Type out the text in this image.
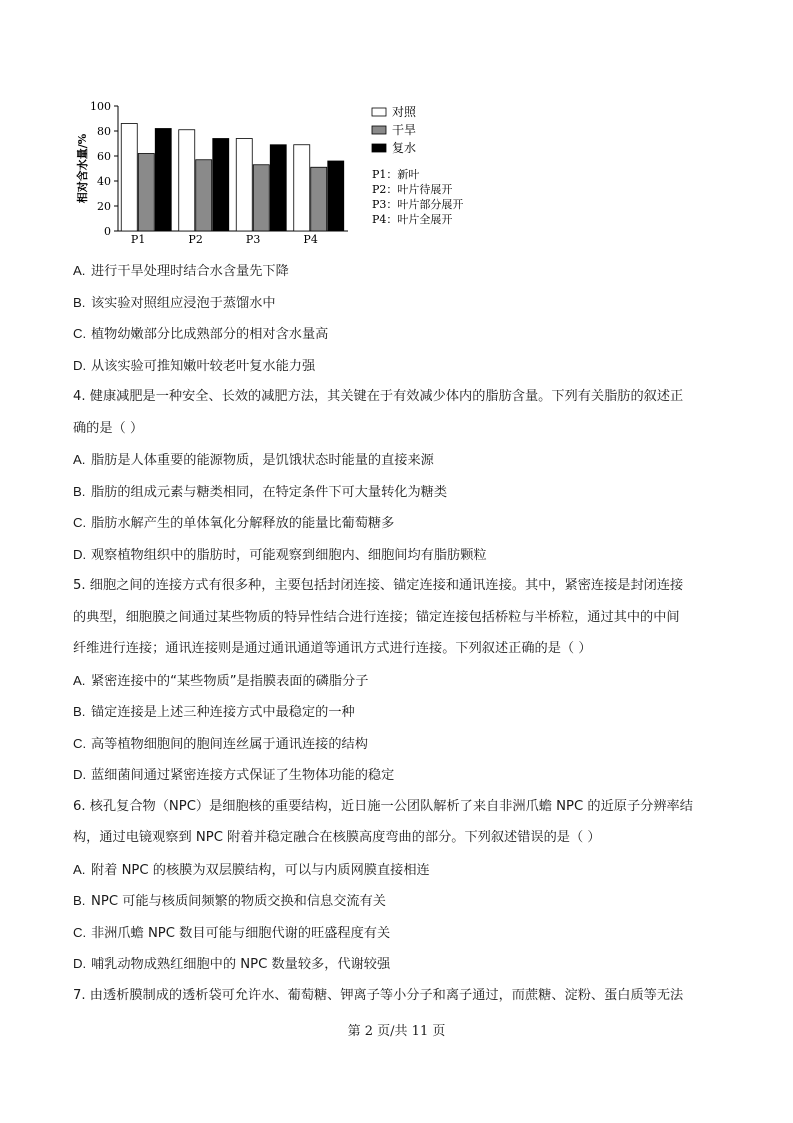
0
20
40
60
80
100
相对含水量/%
P1	P2	P3	P4
对照
干旱
复水
P1：新叶
P2：叶片待展开
P3：叶片部分展开
P4：叶片全展开
A. 进行干旱处理时结合水含量先下降
B. 该实验对照组应浸泡于蒸馏水中
C. 植物幼嫩部分比成熟部分的相对含水量高
D. 从该实验可推知嫩叶较老叶复水能力强
4. 健康减肥是一种安全、长效的减肥方法，其关键在于有效减少体内的脂肪含量。下列有关脂肪的叙述正
确的是（ ）
A. 脂肪是人体重要的能源物质，是饥饿状态时能量的直接来源
B. 脂肪的组成元素与糖类相同，在特定条件下可大量转化为糖类
C. 脂肪水解产生的单体氧化分解释放的能量比葡萄糖多
D. 观察植物组织中的脂肪时，可能观察到细胞内、细胞间均有脂肪颗粒
5. 细胞之间的连接方式有很多种，主要包括封闭连接、锚定连接和通讯连接。其中，紧密连接是封闭连接
的典型，细胞膜之间通过某些物质的特异性结合进行连接；锚定连接包括桥粒与半桥粒，通过其中的中间
纤维进行连接；通讯连接则是通过通讯通道等通讯方式进行连接。下列叙述正确的是（ ）
A. 紧密连接中的“某些物质”是指膜表面的磷脂分子
B. 锚定连接是上述三种连接方式中最稳定的一种
C. 高等植物细胞间的胞间连丝属于通讯连接的结构
D. 蓝细菌间通过紧密连接方式保证了生物体功能的稳定
6. 核孔复合物（NPC）是细胞核的重要结构，近日施一公团队解析了来自非洲爪蟾 NPC 的近原子分辨率结
构，通过电镜观察到 NPC 附着并稳定融合在核膜高度弯曲的部分。下列叙述错误的是（ ）
A. 附着 NPC 的核膜为双层膜结构，可以与内质网膜直接相连
B. NPC 可能与核质间频繁的物质交换和信息交流有关
C. 非洲爪蟾 NPC 数目可能与细胞代谢的旺盛程度有关
D. 哺乳动物成熟红细胞中的 NPC 数量较多，代谢较强
7. 由透析膜制成的透析袋可允许水、葡萄糖、钾离子等小分子和离子通过，而蔗糖、淀粉、蛋白质等无法
第 2 页/共 11 页
